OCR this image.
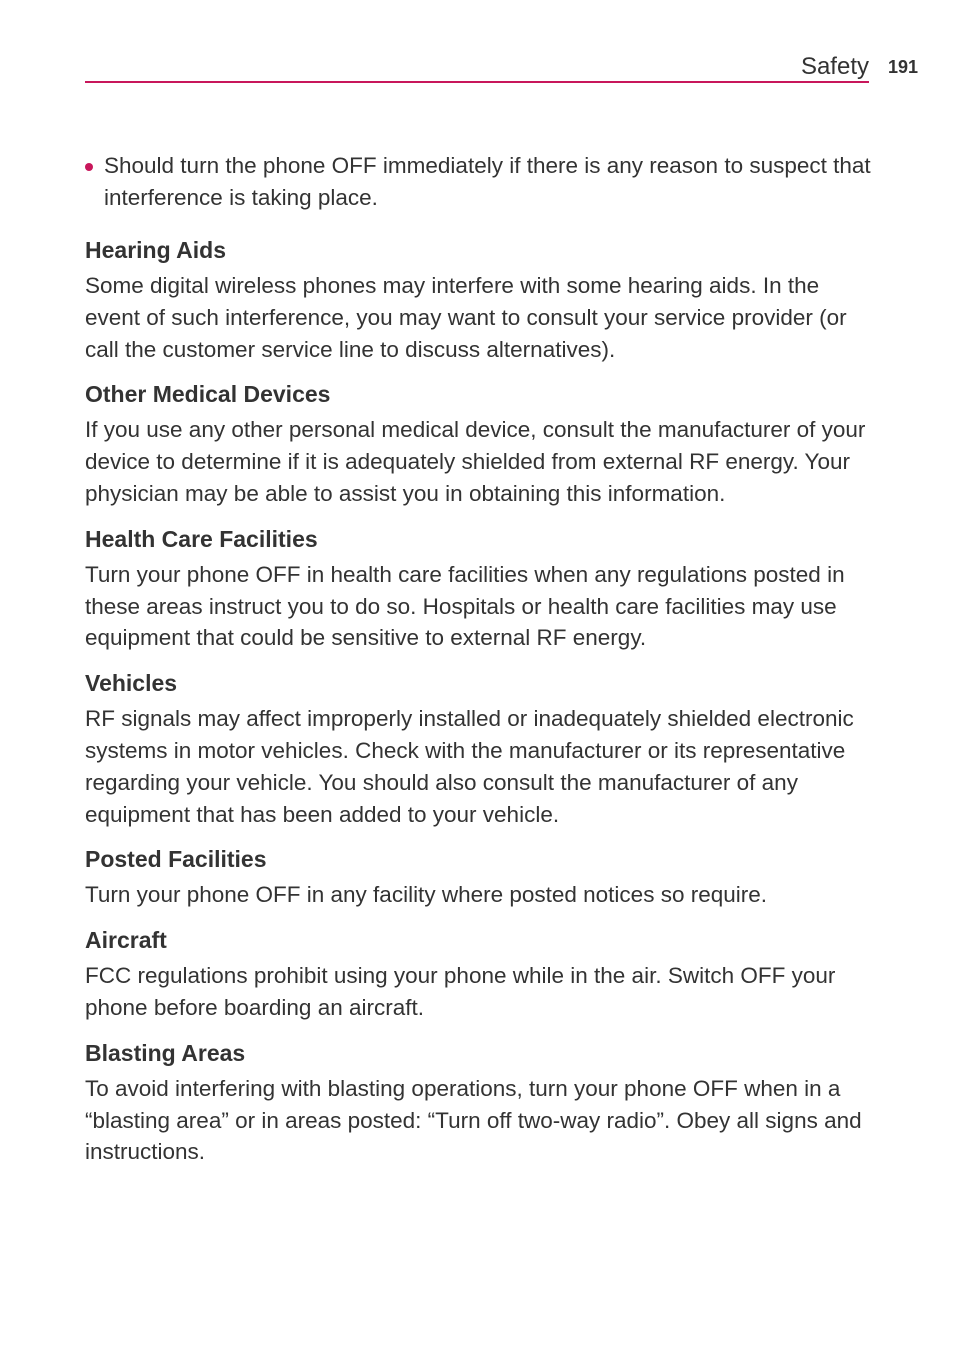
Safety 191
Should turn the phone OFF immediately if there is any reason to suspect that interference is taking place.
Hearing Aids

Some digital wireless phones may interfere with some hearing aids. In the event of such interference, you may want to consult your service provider (or call the customer service line to discuss alternatives).

Other Medical Devices

If you use any other personal medical device, consult the manufacturer of your device to determine if it is adequately shielded from external RF energy. Your physician may be able to assist you in obtaining this information.

Health Care Facilities

Turn your phone OFF in health care facilities when any regulations posted in these areas instruct you to do so. Hospitals or health care facilities may use equipment that could be sensitive to external RF energy.

Vehicles

RF signals may affect improperly installed or inadequately shielded electronic systems in motor vehicles. Check with the manufacturer or its representative regarding your vehicle. You should also consult the manufacturer of any equipment that has been added to your vehicle.

Posted Facilities

Turn your phone OFF in any facility where posted notices so require.

Aircraft

FCC regulations prohibit using your phone while in the air. Switch OFF your phone before boarding an aircraft.

Blasting Areas

To avoid interfering with blasting operations, turn your phone OFF when in a “blasting area” or in areas posted: “Turn off two-way radio”. Obey all signs and instructions.
